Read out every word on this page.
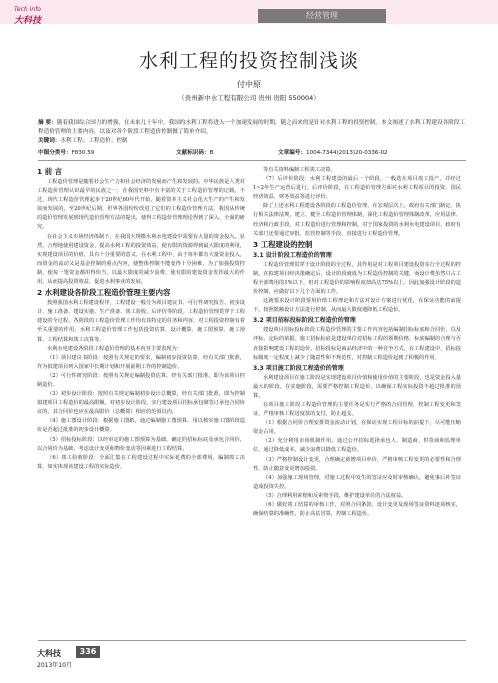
Tech Info
大科技
经营管理
水利工程的投资控制浅谈
付中原
（贵州新中水工程有限公司 贵州 贵阳 550004）
摘 要：随着我国综合国力的增强，在未来几十年中，我国的水利工程将进入一个加速发展的时期，随之而来的是针对水利工程的投资控制。本文阐述了水利工程建设各阶段工程造价管理的主要内容，以及对各个阶段工程造价控制做了简单介绍。
关键词：水利工程；工程造价；控制
中图分类号：F830.59	文献标识码：B	文章编号：1004-7344(2013)20-0336-02
1 前 言

工程造价管理是随着社会生产力和社会经济的发展而产生和发展的。中华民族是人类对工程造价管理认识最早的民族之一，在我国史料中有丰富的关于工程造价管理的记载。不过，现代工程造价管理起步于20世纪60年代开始，随着资本主义社会化大生产的产生和发展而发展的，至20世纪后期，世界各国纷纷改进了它们的工程造价管理方法。我国从传统的造价管理发展到现代造价管理方法的提出，使得工程造价管理理论得到了深入、全面的研究。

在社会主义市场经济体制下，在我国大规模水利水电建设中需要有大量的资金投入。显然，合理地使用建设资金，提高水利工程的投资效益，使有限的资源得到最大限度的利用，实现建设项目的价值，具有十分重要的意义。在水利工程中，由于每年都有大量资金投入，而资金的流动又是基金控制的重点内容，使整体控制不能变得十分困难。为了加强投资控制，使每一笔资金都用得恰当，以最大限度的减少浪费，使有限的建设资金发挥最大的作用，从而提高投资效益，促进水利事业的发展。

2 水利建设各阶段工程造价管理主要内容

按照我国水利工程建设程序，工程建设一般分为项目建议书、可行性研究报告、初步设计、施工准备、建设实施、生产准备、竣工验收、后评价等阶段。工程造价管理贯穿于工程建设的全过程，各阶段的工程造价管理工作均有其特定的任务和内容，对工程投资控制有着至关重要的作用。水利工程造价管理工作包括投资估算、设计概算、施工图预算、施工预算、工程结算和竣工决算等。

水利水电建设各阶段工程造价管理的基本内容主要表现为：

（1）项目建议书阶段：按照有关规定的要求，编制初步投资估算，经有关部门批准，作为拟建项目列入国家中长期计划和开展前期工作的控制造价。

（2）可行性研究阶段：按照有关规定编制投资估算，经有关部门批准，即为该项目控制造价。

（3）初步设计阶段：按照有关规定编制初步设计总概算，经有关部门批准，即为控制拟建项目工程造价的最高限额。对初步设计阶段，实行建设项目招标承包制签订承包合同协议的，其合同价也应在最高限价（总概算）相应的范围以内。

（4）施工图设计阶段：根据施工图纸，通过编制施工图预算，用以核实施工图阶段造价是否超过批准的初步设计概算。

（5）招标投标阶段：以经审定的施工图预算为基础，确定的招标标底及承包合同价，以合同价为基础，考虑设计变更和物价变动等因素进行工程结算。

（6）竣工验收阶段：全面汇集在工程建设过程中实际花费的全部费用，编制竣工决算，如实体现该建设工程的实际造价。

等有关资料编制工程竣工决算。

（7）后评价阶段：水利工程建设的最后一个阶段，一般选在项目竣工投产、并经过1~2年生产运营后进行。后评价阶段，在工程造价管理方面对水利工程项目的投资、国民经济效益、财务效益等进行评价。

除了上述水利工程建设各阶段的工程造价管理，在宏观层次上，政府有关部门制定、执行相关法律法规，建立、健全工程造价管理体制，深化工程造价管理体制改革，应用法律、经济和行政手段，对工程造价进行管理和控制。对于国家投资的水利水电建设项目，政府有关部门还要通过审批、监管控制等手段，直接进行工程造价管理。

3 工程建设的控制
3.1 设计阶段工程造价的管理

工程造价管理贯穿于设计阶段的全过程，其作用是对工程项目建设投资实行全过程的控制。在拟建项目经决策确定后，设计阶段就成为工程造价控制的关键，而设计费虽然只占工程全部费用的1%以下，但对工程造价的影响程度却高达75%以上。因此加强设计阶段的造价控制，应做好以下几个方面的工作。

这就要求设计阶段要用价值工程理论和方法对设计方案进行优化，在保证功能的前提下，按照限额设计方法进行控制，从而最大限度地降低工程造价。

3.2 项目招标投标阶段工程造价的管理

建设项目招标投标阶段工程造价管理的主要工作内容包括编制招标标底和合同价，以及评标、定标的依据。施工招标标底是建设单位对招标工程的预期价格，标底编制的合理与否直接影响建设工程的造价。招标投标是商品经济中的一种竞争方式，在工程建设中，招标投标制度一定程度上减少了随意性和不规范性，对控制工程造价起到了积极的作用。

3.3 项目施工阶段工程造价的管理

水利建设项目在施工阶段是实现建设项目价值和使用价值的主要阶段，也是资金投入量最大的阶段。在实施阶段，需要严格控制工程造价，以确保工程实际投资不超过批准的预算。

在项目施工阶段工程造价管理的主要任务是实行严格的合同管理，控制工程变更和签证，严格审核工程进度款的支付，防止超支。

（1）根据合同价合理安排资金流动计划，在保证实现工程目标的前提下，尽可能压缩资金占用。

（2）充分利用市场机制作用，通过公开招标选择承包人、制造商、供货商和监理单位，通过降低成本，减少浪费以降低工程造价。

（3）严格控制设计变更，合理确定新增项目单价，严格审核工程变更的必要性和合理性，防止随意变更增加投资。

（4）加强施工现场管理，对施工过程中发生的签证应及时审核确认，避免事后补签证造成投资失控。

（5）合理利用索赔和反索赔手段，维护建设单位的合法权益。

（6）做好竣工结算的审核工作，对照合同条款、设计变更及现场签证资料逐项核实，确保结算的准确性，防止高估冒算，控制工程造价。

大科技	336
2013年10月
